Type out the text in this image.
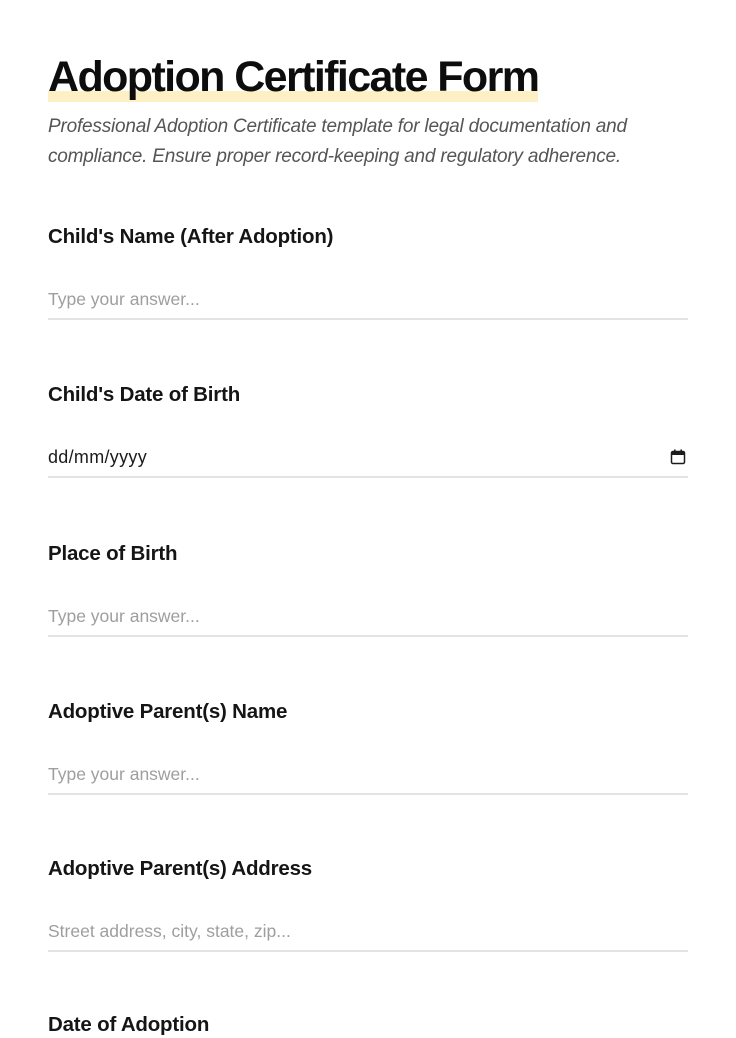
Adoption Certificate Form

Professional Adoption Certificate template for legal documentation and compliance. Ensure proper record-keeping and regulatory adherence.

Child's Name (After Adoption)
Type your answer...
Child's Date of Birth
dd/mm/yyyy
Place of Birth
Type your answer...
Adoptive Parent(s) Name
Type your answer...
Adoptive Parent(s) Address
Street address, city, state, zip...
Date of Adoption
